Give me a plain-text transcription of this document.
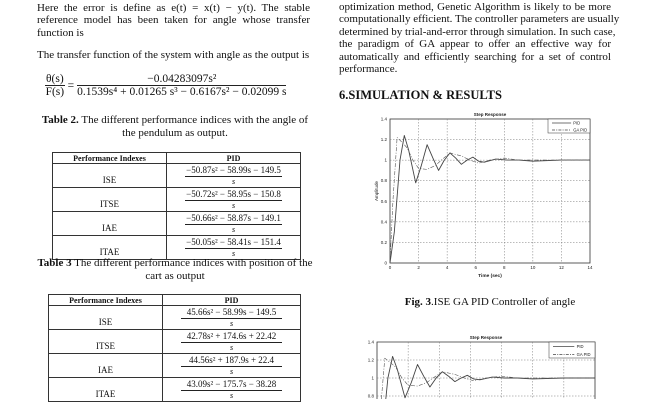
Here the error is define as e(t) = x(t) − y(t). The stable
reference model has been taken for angle whose transfer
function is
The transfer function of the system with angle as the output is
$\frac{\theta(s)}{F(s)} = \frac{\text{−0.04283097s²}}{\text{0.1539s⁴ + 0.01265 s³ − 0.6167s² − 0.02099 s}}$
Table 2. The different performance indices with the angle of the pendulum as output.
Performance Indexes	PID
ISE	−50.87s² − 58.99s − 149.5
s

ITSE	−50.72s² − 58.95s − 150.8
s

IAE	−50.66s² − 58.87s − 149.1
s

ITAE	−50.05s² − 58.41s − 151.4
s
Table 3 The different performance indices with position of the cart as output
Performance Indexes	PID
ISE	45.66s² − 58.99s − 149.5
s

ITSE	42.78s² + 174.6s + 22.42
s

IAE	44.56s² + 187.9s + 22.4
s

ITAE	43.09s² − 175.7s − 38.28
s
optimization method, Genetic Algorithm is likely to be more
computationally efficient. The controller parameters are usually
determined by trial-and-error through simulation. In such case,
the paradigm of GA appear to offer an effective way for
automatically and efficiently searching for a set of control
performance.
6.SIMULATION & RESULTS
0
0.2
0.4
0.6
0.8
1
1.2
1.4
0	2	4	6	8	10	12	14
Step Response
Time (sec)
Amplitude
PID
GA PID
0.8
1
1.2
1.4
Step Response
PID
GA PID
Fig. 3.ISE GA PID Controller of angle
